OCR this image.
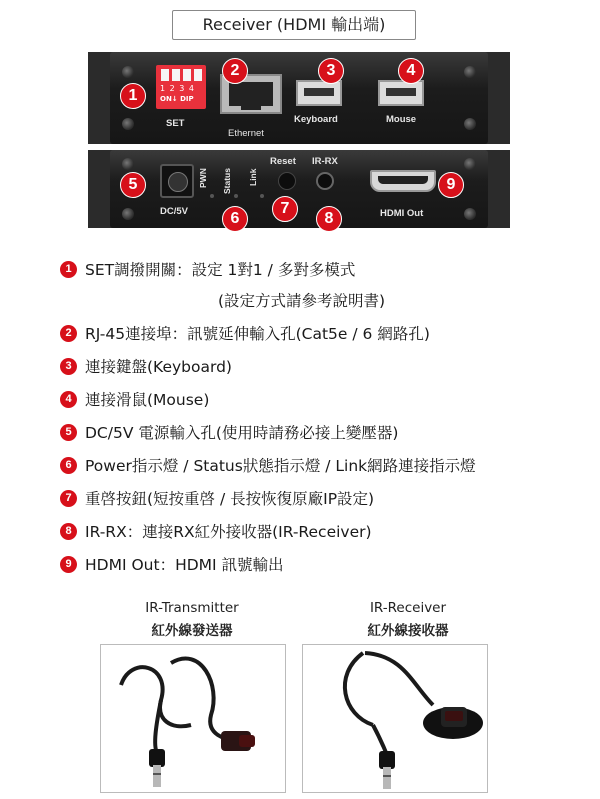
Receiver (HDMI 輸出端)
1 2 3 4
ON↓ DIP
SET
Ethernet
Keyboard	Mouse
DC/5V
PWN Status Link
Reset IR-RX
HDMI Out
1
2	3	4
5
6
7
8
9
1 SET調撥開關：設定 1對1 / 多對多模式
(設定方式請參考說明書)
2 RJ-45連接埠：訊號延伸輸入孔(Cat5e / 6 網路孔)
3 連接鍵盤(Keyboard)
4 連接滑鼠(Mouse)
5 DC/5V 電源輸入孔(使用時請務必接上變壓器)
6 Power指示燈 / Status狀態指示燈 / Link網路連接指示燈
7 重啓按鈕(短按重啓 / 長按恢復原廠IP設定)
8 IR-RX：連接RX紅外接收器(IR-Receiver)
9 HDMI Out：HDMI 訊號輸出
IR-Transmitter
紅外線發送器
IR-Receiver
紅外線接收器
